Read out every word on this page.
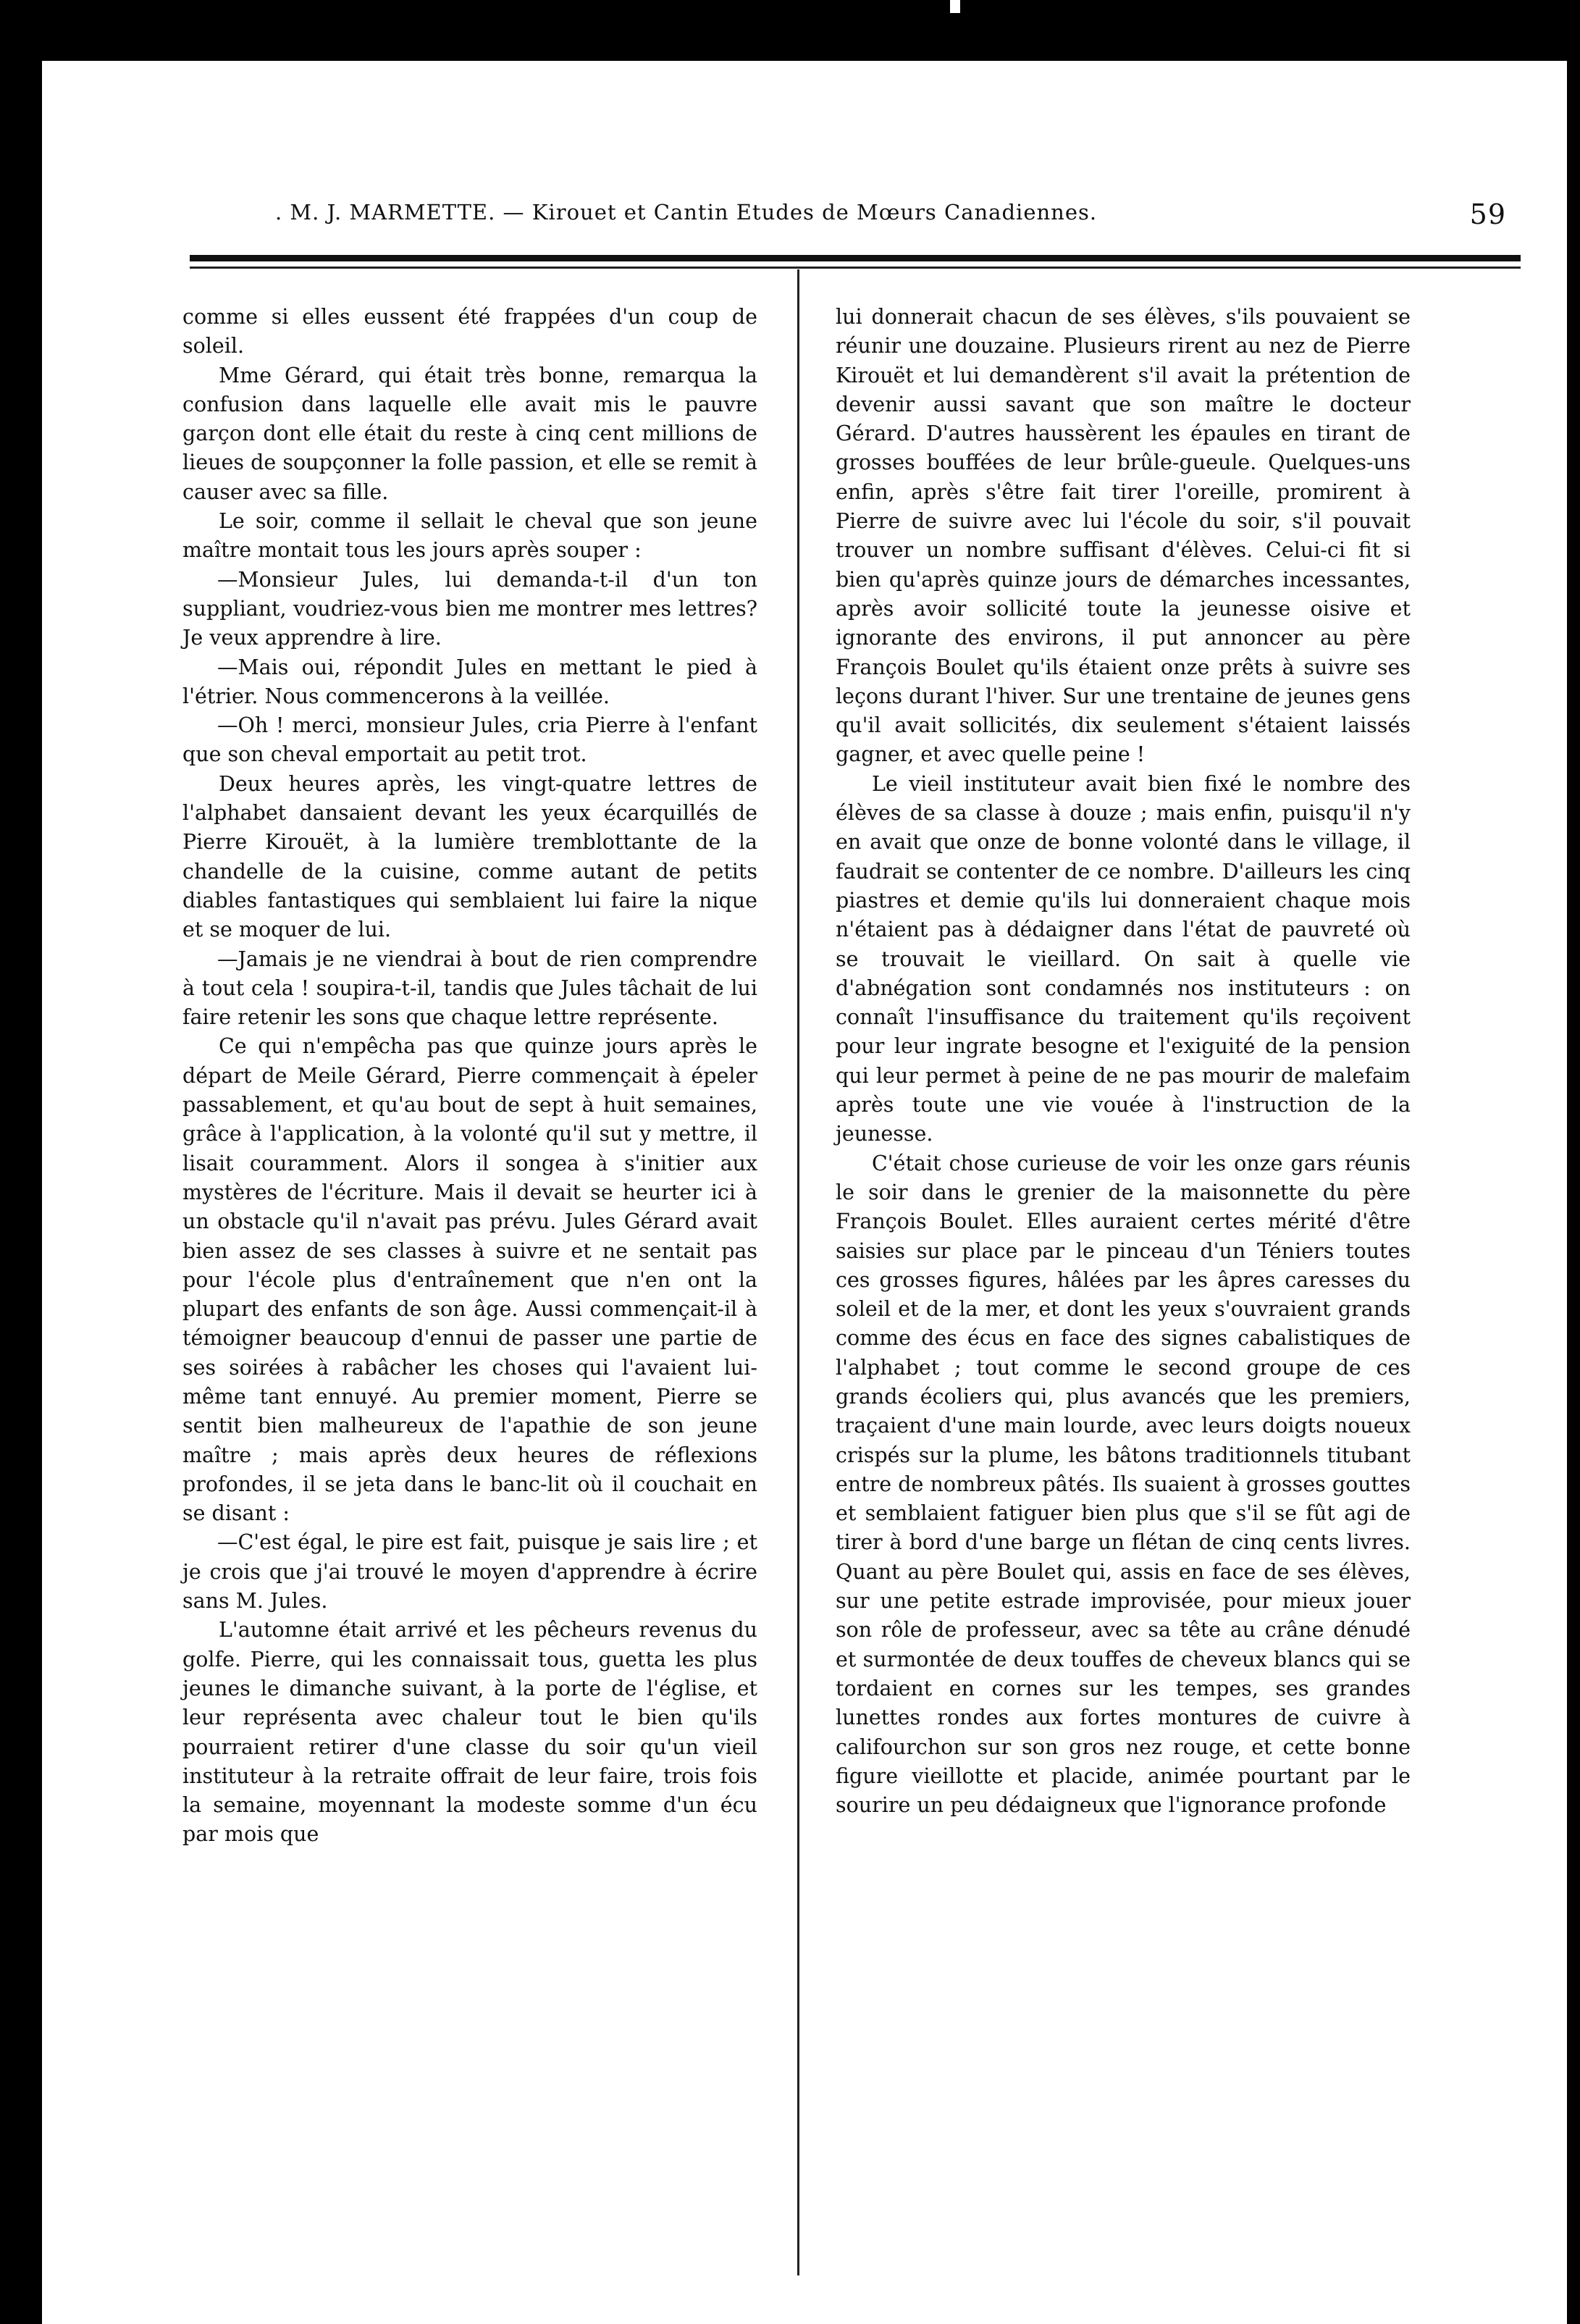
. M. J. MARMETTE. — Kirouet et Cantin Etudes de Mœurs Canadiennes.	59

comme si elles eussent été frappées d'un coup de soleil.

Mme Gérard, qui était très bonne, remarqua la confusion dans laquelle elle avait mis le pauvre garçon dont elle était du reste à cinq cent millions de lieues de soupçonner la folle passion, et elle se remit à causer avec sa fille.

Le soir, comme il sellait le cheval que son jeune maître montait tous les jours après souper :

—Monsieur Jules, lui demanda-t-il d'un ton suppliant, voudriez-vous bien me montrer mes lettres? Je veux apprendre à lire.

—Mais oui, répondit Jules en mettant le pied à l'étrier. Nous commencerons à la veillée.

—Oh ! merci, monsieur Jules, cria Pierre à l'enfant que son cheval emportait au petit trot.

Deux heures après, les vingt-quatre lettres de l'alphabet dansaient devant les yeux écarquillés de Pierre Kirouët, à la lumière tremblottante de la chandelle de la cuisine, comme autant de petits diables fantastiques qui semblaient lui faire la nique et se moquer de lui.

—Jamais je ne viendrai à bout de rien comprendre à tout cela ! soupira-t-il, tandis que Jules tâchait de lui faire retenir les sons que chaque lettre représente.

Ce qui n'empêcha pas que quinze jours après le départ de Meile Gérard, Pierre commençait à épeler passablement, et qu'au bout de sept à huit semaines, grâce à l'application, à la volonté qu'il sut y mettre, il lisait couramment. Alors il songea à s'initier aux mystères de l'écriture. Mais il devait se heurter ici à un obstacle qu'il n'avait pas prévu. Jules Gérard avait bien assez de ses classes à suivre et ne sentait pas pour l'école plus d'entraînement que n'en ont la plupart des enfants de son âge. Aussi commençait-il à témoigner beaucoup d'ennui de passer une partie de ses soirées à rabâcher les choses qui l'avaient lui-même tant ennuyé. Au premier moment, Pierre se sentit bien malheureux de l'apathie de son jeune maître ; mais après deux heures de réflexions profondes, il se jeta dans le banc-lit où il couchait en se disant :

—C'est égal, le pire est fait, puisque je sais lire ; et je crois que j'ai trouvé le moyen d'apprendre à écrire sans M. Jules.

L'automne était arrivé et les pêcheurs revenus du golfe. Pierre, qui les connaissait tous, guetta les plus jeunes le dimanche suivant, à la porte de l'église, et leur représenta avec chaleur tout le bien qu'ils pourraient retirer d'une classe du soir qu'un vieil instituteur à la retraite offrait de leur faire, trois fois la semaine, moyennant la modeste somme d'un écu par mois que

lui donnerait chacun de ses élèves, s'ils pouvaient se réunir une douzaine. Plusieurs rirent au nez de Pierre Kirouët et lui demandèrent s'il avait la prétention de devenir aussi savant que son maître le docteur Gérard. D'autres haussèrent les épaules en tirant de grosses bouffées de leur brûle-gueule. Quelques-uns enfin, après s'être fait tirer l'oreille, promirent à Pierre de suivre avec lui l'école du soir, s'il pouvait trouver un nombre suffisant d'élèves. Celui-ci fit si bien qu'après quinze jours de démarches incessantes, après avoir sollicité toute la jeunesse oisive et ignorante des environs, il put annoncer au père François Boulet qu'ils étaient onze prêts à suivre ses leçons durant l'hiver. Sur une trentaine de jeunes gens qu'il avait sollicités, dix seulement s'étaient laissés gagner, et avec quelle peine !

Le vieil instituteur avait bien fixé le nombre des élèves de sa classe à douze ; mais enfin, puisqu'il n'y en avait que onze de bonne volonté dans le village, il faudrait se contenter de ce nombre. D'ailleurs les cinq piastres et demie qu'ils lui donneraient chaque mois n'étaient pas à dédaigner dans l'état de pauvreté où se trouvait le vieillard. On sait à quelle vie d'abnégation sont condamnés nos instituteurs : on connaît l'insuffisance du traitement qu'ils reçoivent pour leur ingrate besogne et l'exiguité de la pension qui leur permet à peine de ne pas mourir de malefaim après toute une vie vouée à l'instruction de la jeunesse.

C'était chose curieuse de voir les onze gars réunis le soir dans le grenier de la maisonnette du père François Boulet. Elles auraient certes mérité d'être saisies sur place par le pinceau d'un Téniers toutes ces grosses figures, hâlées par les âpres caresses du soleil et de la mer, et dont les yeux s'ouvraient grands comme des écus en face des signes cabalistiques de l'alphabet ; tout comme le second groupe de ces grands écoliers qui, plus avancés que les premiers, traçaient d'une main lourde, avec leurs doigts noueux crispés sur la plume, les bâtons traditionnels titubant entre de nombreux pâtés. Ils suaient à grosses gouttes et semblaient fatiguer bien plus que s'il se fût agi de tirer à bord d'une barge un flétan de cinq cents livres. Quant au père Boulet qui, assis en face de ses élèves, sur une petite estrade improvisée, pour mieux jouer son rôle de professeur, avec sa tête au crâne dénudé et surmontée de deux touffes de cheveux blancs qui se tordaient en cornes sur les tempes, ses grandes lunettes rondes aux fortes montures de cuivre à califourchon sur son gros nez rouge, et cette bonne figure vieillotte et placide, animée pourtant par le sourire un peu dédaigneux que l'ignorance profonde
